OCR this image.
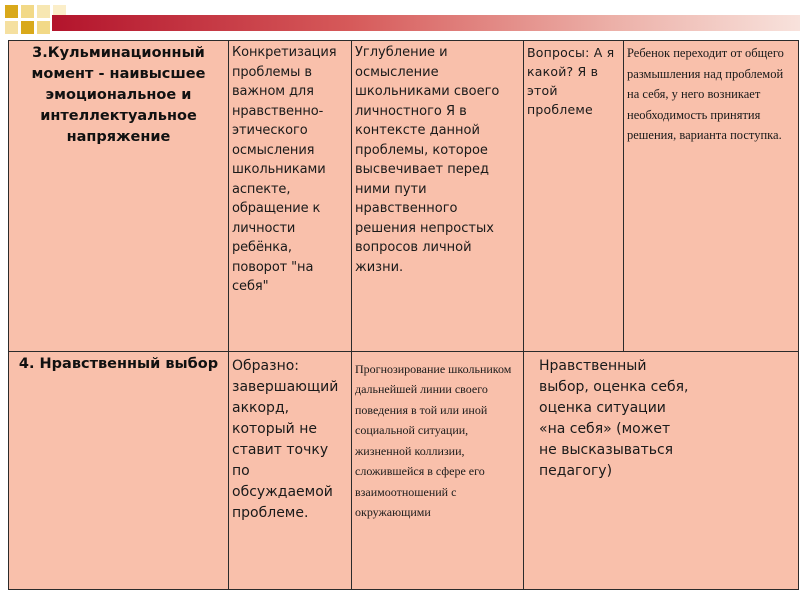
3.Кульминационный момент - наивысшее эмоциональное и интеллектуальное напряжение	Конкретизация проблемы в важном для нравственно-этического осмысления школьниками аспекте, обращение к личности ребёнка, поворот "на себя"	Углубление и осмысление школьниками своего личностного Я в контексте данной проблемы, которое высвечивает перед ними пути нравственного решения непростых вопросов личной жизни.	Вопросы: А я какой? Я в этой проблеме	Ребенок переходит от общего размышления над проблемой на себя, у него возникает необходимость принятия решения, варианта поступка.

4. Нравственный выбор	Образно: завершающий аккорд, который не ставит точку по обсуждаемой проблеме.	Прогнозирование школьником дальнейшей линии своего поведения в той или иной социальной ситуации, жизненной коллизии, сложившейся в сфере его взаимоотношений с окружающими	Нравственный выбор, оценка себя, оценка ситуации «на себя» (может не высказываться педагогу)	
